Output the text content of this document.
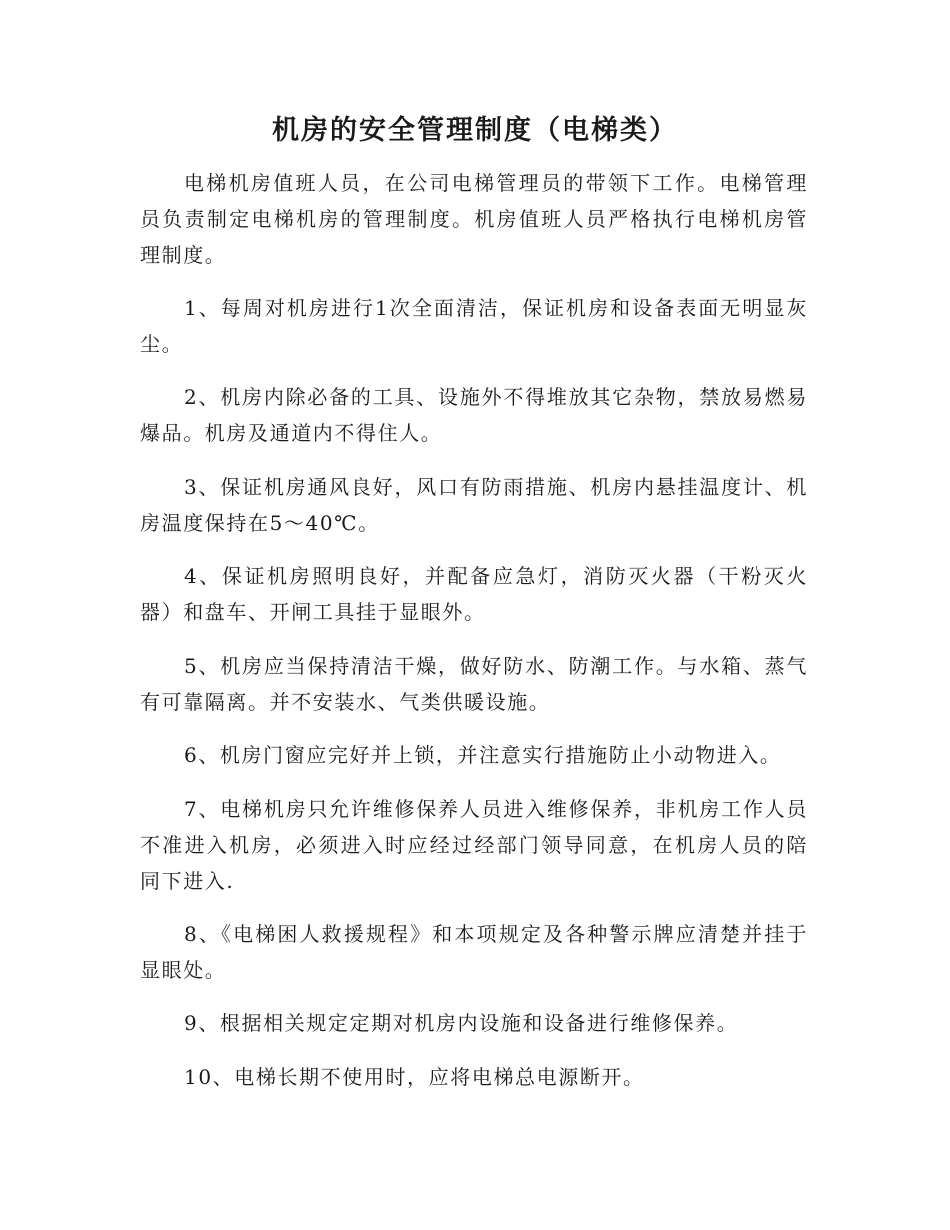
机房的安全管理制度（电梯类）

电梯机房值班人员，在公司电梯管理员的带领下工作。电梯管理员负责制定电梯机房的管理制度。机房值班人员严格执行电梯机房管理制度。

1、每周对机房进行1次全面清洁，保证机房和设备表面无明显灰尘。

2、机房内除必备的工具、设施外不得堆放其它杂物，禁放易燃易爆品。机房及通道内不得住人。

3、保证机房通风良好，风口有防雨措施、机房内悬挂温度计、机房温度保持在5～40℃。

4、保证机房照明良好，并配备应急灯，消防灭火器（干粉灭火器）和盘车、开闸工具挂于显眼外。

5、机房应当保持清洁干燥，做好防水、防潮工作。与水箱、蒸气有可靠隔离。并不安装水、气类供暖设施。

6、机房门窗应完好并上锁，并注意实行措施防止小动物进入。

7、电梯机房只允许维修保养人员进入维修保养，非机房工作人员不准进入机房，必须进入时应经过经部门领导同意，在机房人员的陪同下进入.

8、《电梯困人救援规程》和本项规定及各种警示牌应清楚并挂于显眼处。

9、根据相关规定定期对机房内设施和设备进行维修保养。

10、电梯长期不使用时，应将电梯总电源断开。
